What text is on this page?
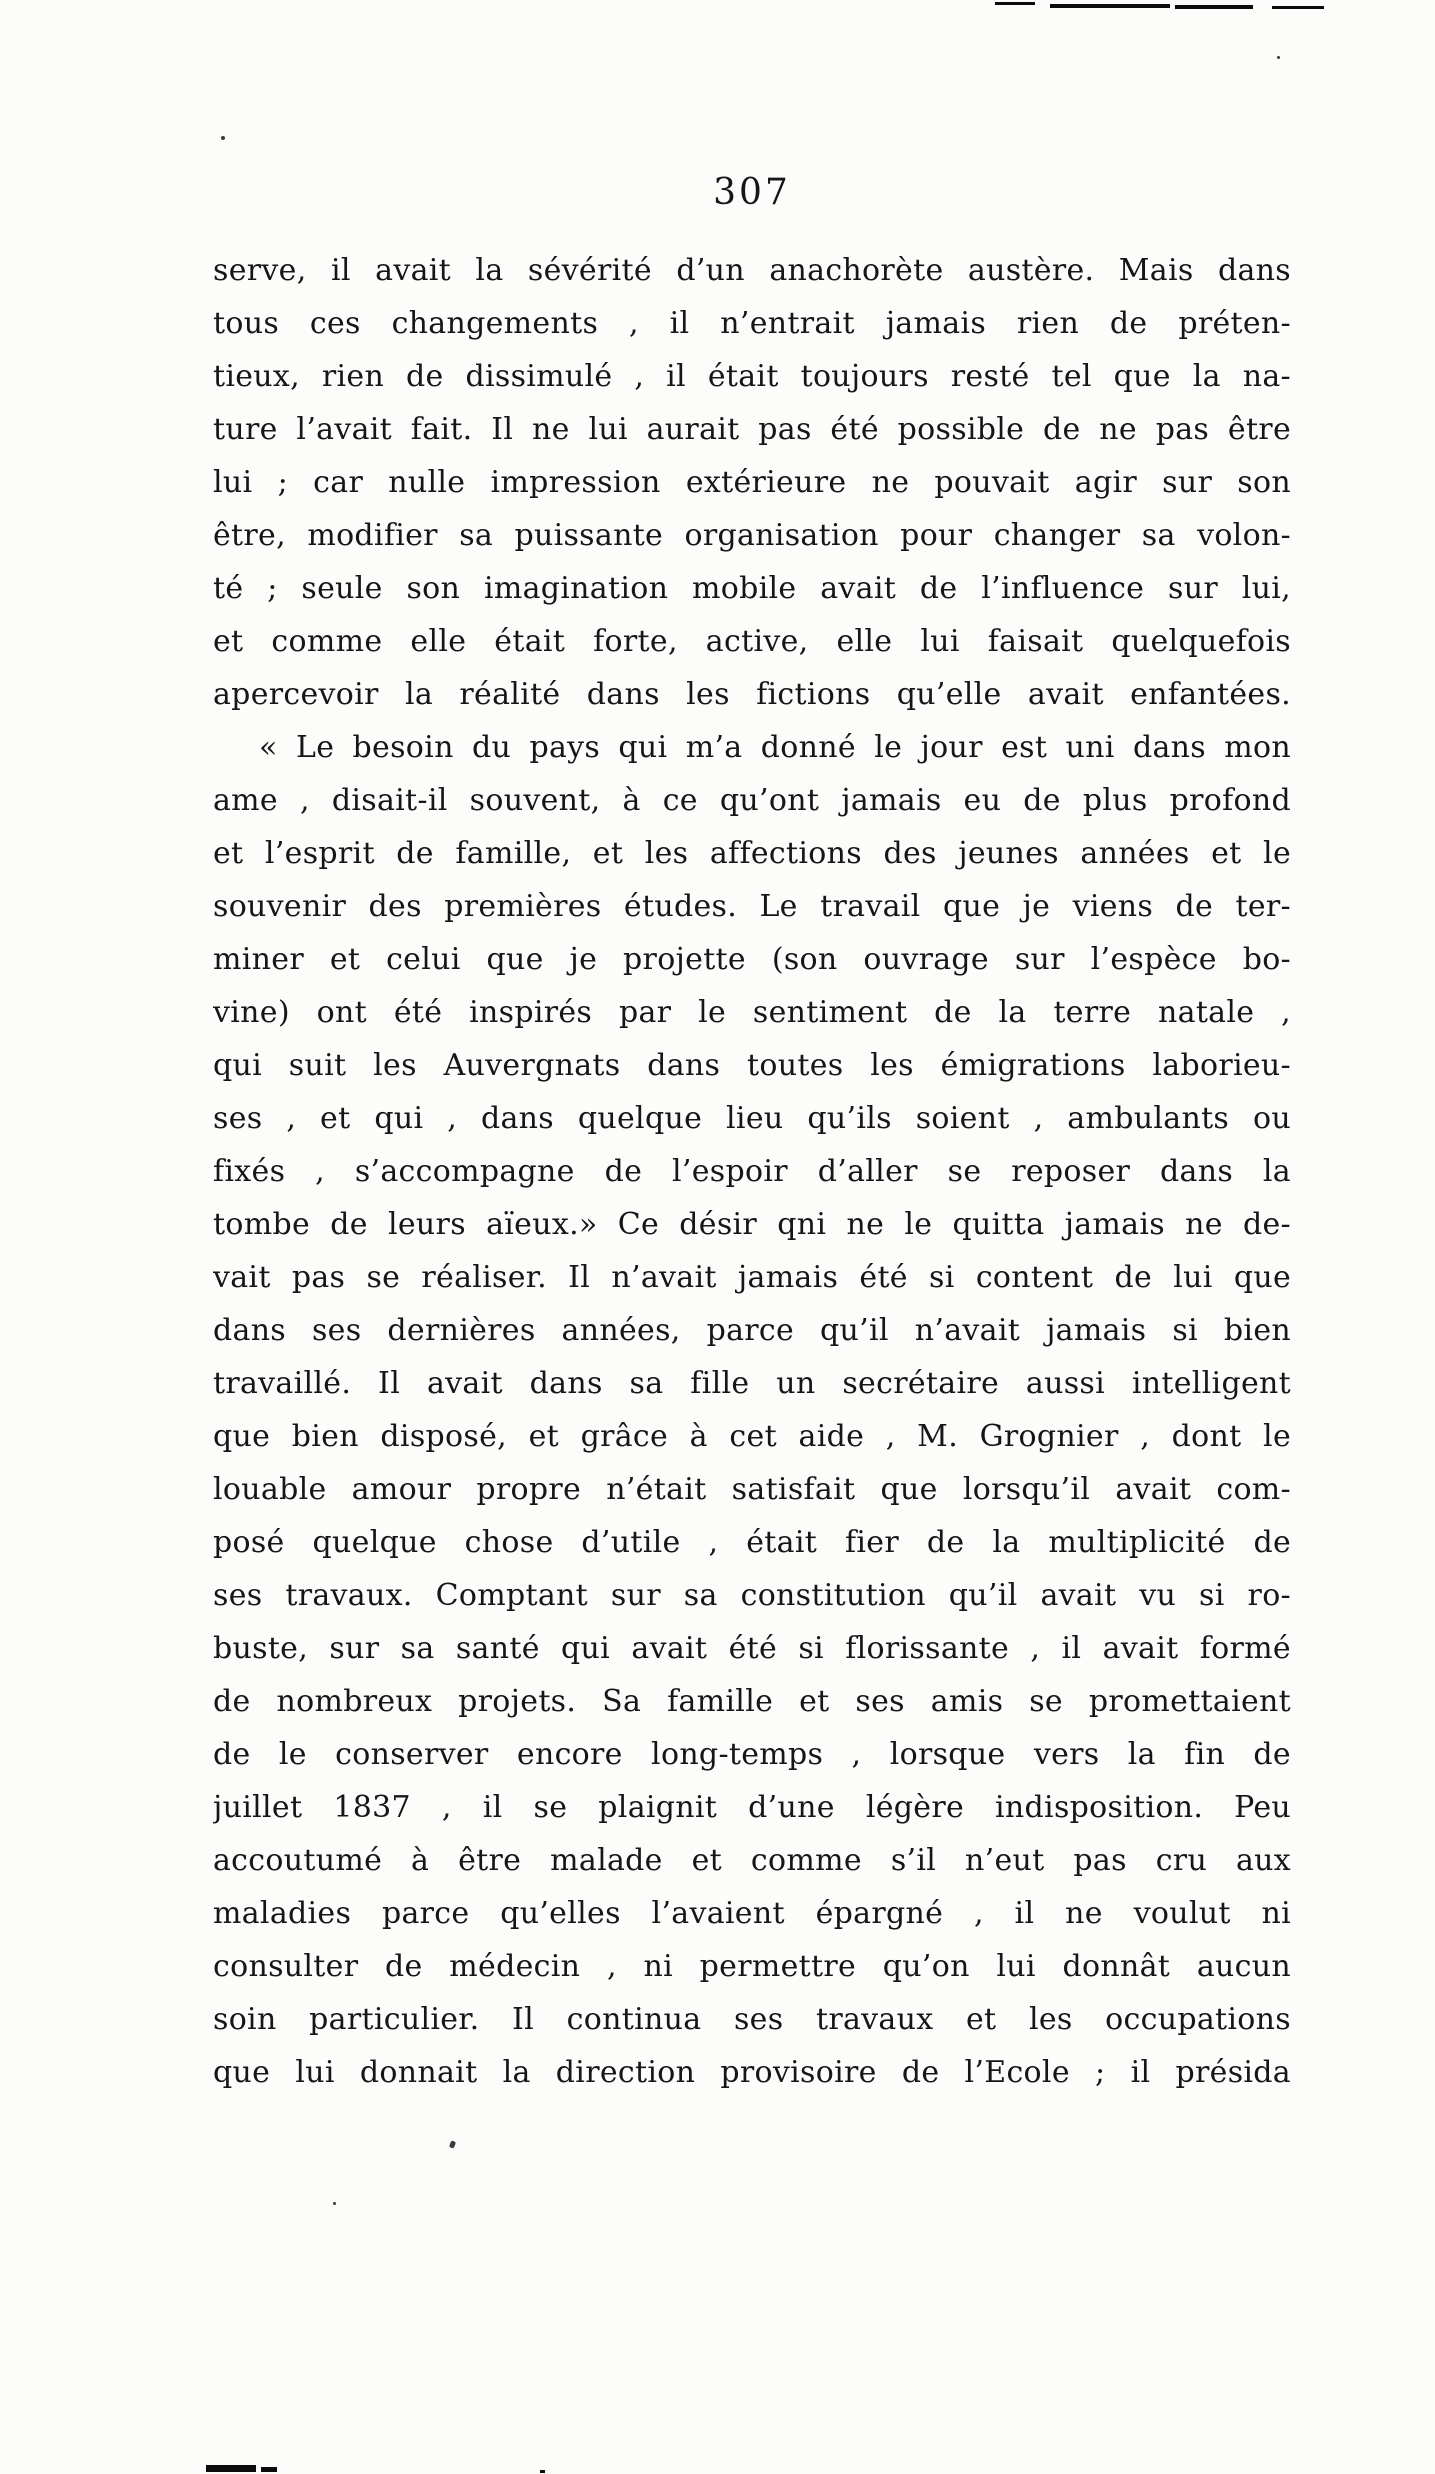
307

serve, il avait la sévérité d’un anachorète austère. Mais dans
tous ces changements , il n’entrait jamais rien de préten-
tieux, rien de dissimulé , il était toujours resté tel que la na-
ture l’avait fait. Il ne lui aurait pas été possible de ne pas être
lui ; car nulle impression extérieure ne pouvait agir sur son
être, modifier sa puissante organisation pour changer sa volon-
té ; seule son imagination mobile avait de l’influence sur lui,
et comme elle était forte, active, elle lui faisait quelquefois
apercevoir la réalité dans les fictions qu’elle avait enfantées.

« Le besoin du pays qui m’a donné le jour est uni dans mon
ame , disait-il souvent, à ce qu’ont jamais eu de plus profond
et l’esprit de famille, et les affections des jeunes années et le
souvenir des premières études. Le travail que je viens de ter-
miner et celui que je projette (son ouvrage sur l’espèce bo-
vine) ont été inspirés par le sentiment de la terre natale ,
qui suit les Auvergnats dans toutes les émigrations laborieu-
ses , et qui , dans quelque lieu qu’ils soient , ambulants ou
fixés , s’accompagne de l’espoir d’aller se reposer dans la
tombe de leurs aïeux.» Ce désir qni ne le quitta jamais ne de-
vait pas se réaliser. Il n’avait jamais été si content de lui que
dans ses dernières années, parce qu’il n’avait jamais si bien
travaillé. Il avait dans sa fille un secrétaire aussi intelligent
que bien disposé, et grâce à cet aide , M. Grognier , dont le
louable amour propre n’était satisfait que lorsqu’il avait com-
posé quelque chose d’utile , était fier de la multiplicité de
ses travaux. Comptant sur sa constitution qu’il avait vu si ro-
buste, sur sa santé qui avait été si florissante , il avait formé
de nombreux projets. Sa famille et ses amis se promettaient
de le conserver encore long-temps , lorsque vers la fin de
juillet 1837 , il se plaignit d’une légère indisposition. Peu
accoutumé à être malade et comme s’il n’eut pas cru aux
maladies parce qu’elles l’avaient épargné , il ne voulut ni
consulter de médecin , ni permettre qu’on lui donnât aucun
soin particulier. Il continua ses travaux et les occupations
que lui donnait la direction provisoire de l’Ecole ; il présida
